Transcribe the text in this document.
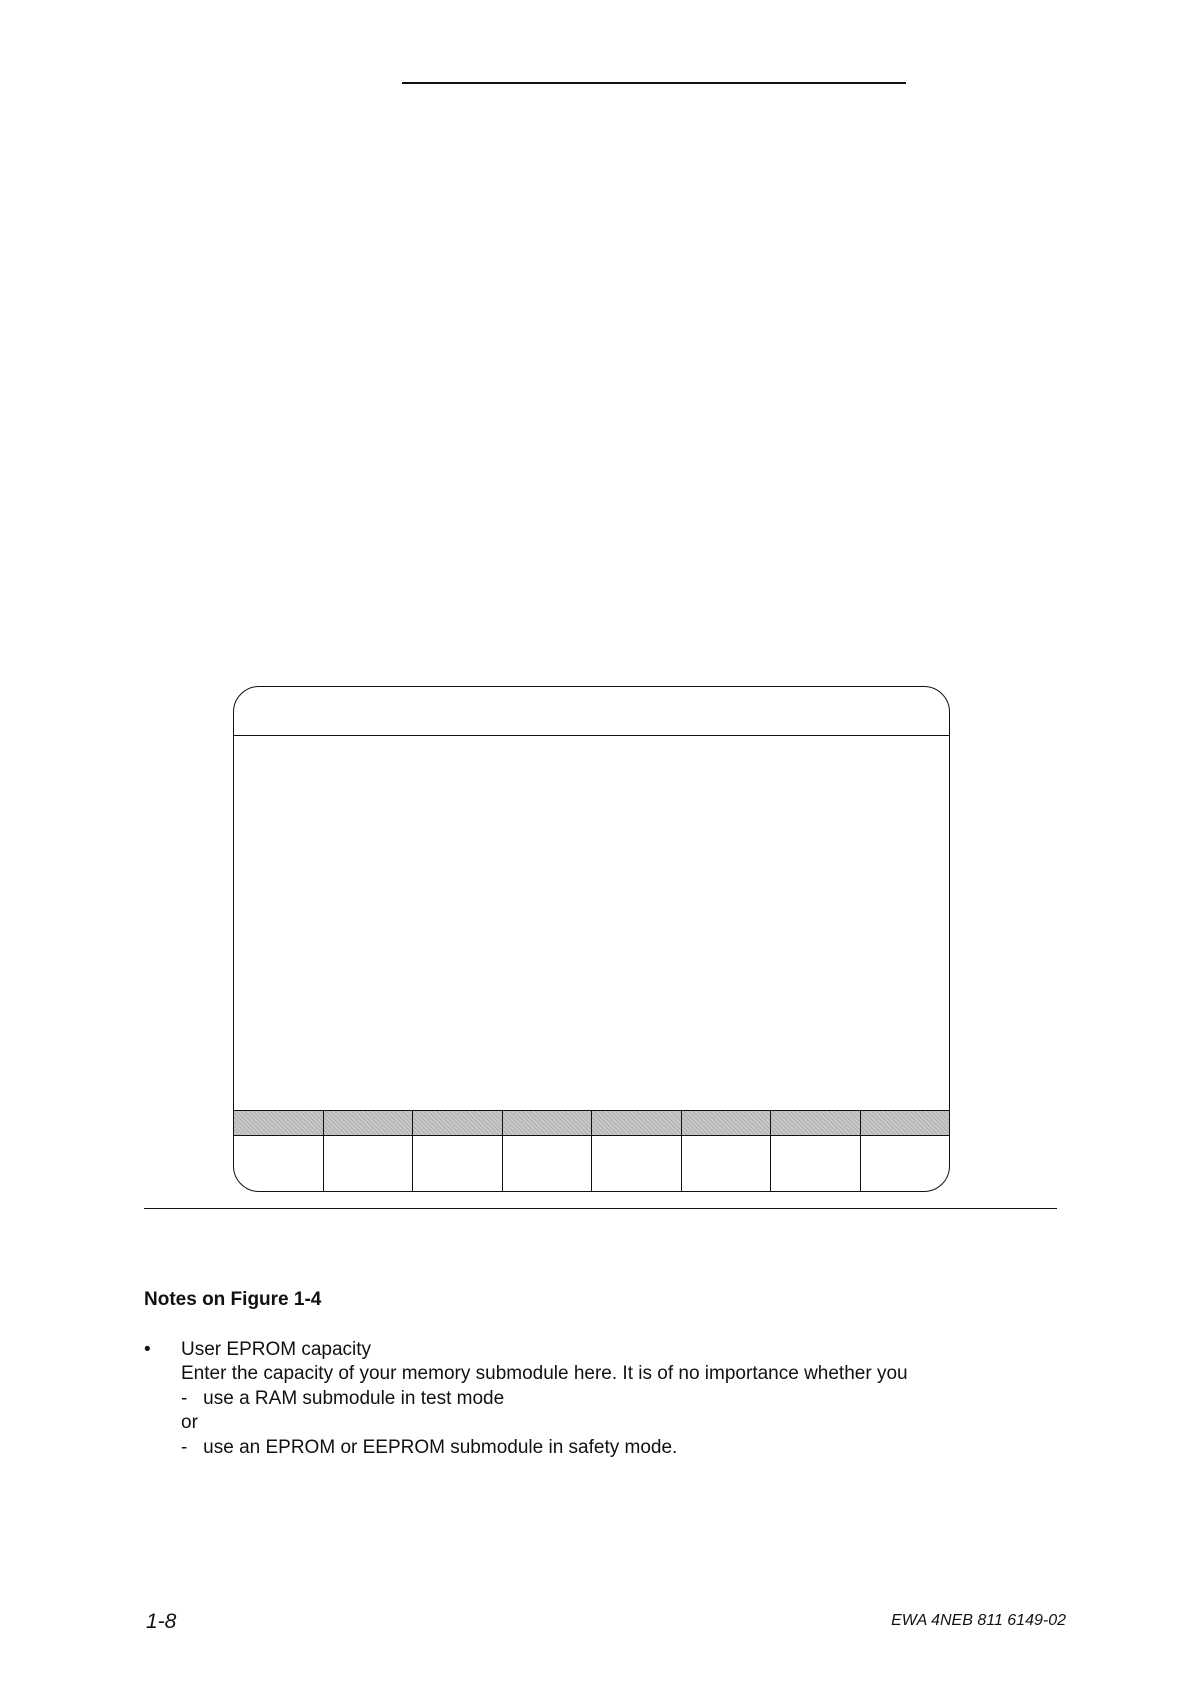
Notes on Figure 1-4
• User EPROM capacity
Enter the capacity of your memory submodule here. It is of no importance whether you
-   use a RAM submodule in test mode
or
-   use an EPROM or EEPROM submodule in safety mode.
1-8	EWA 4NEB 811 6149-02
